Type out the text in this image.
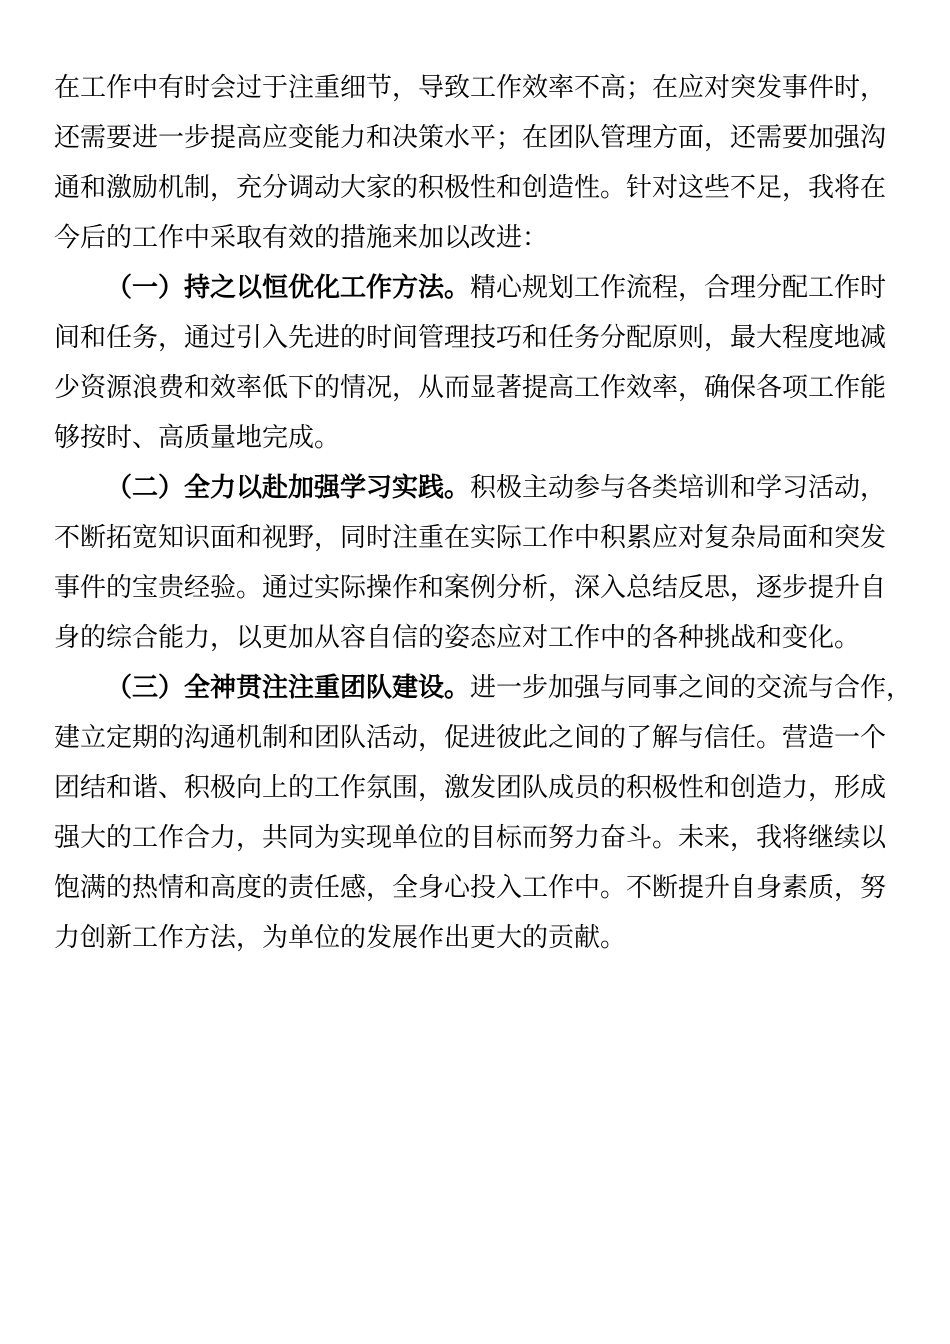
在工作中有时会过于注重细节，导致工作效率不高；在应对突发事件时，
还需要进一步提高应变能力和决策水平；在团队管理方面，还需要加强沟
通和激励机制，充分调动大家的积极性和创造性。针对这些不足，我将在
今后的工作中采取有效的措施来加以改进：
（一）持之以恒优化工作方法。精心规划工作流程，合理分配工作时
间和任务，通过引入先进的时间管理技巧和任务分配原则，最大程度地减
少资源浪费和效率低下的情况，从而显著提高工作效率，确保各项工作能
够按时、高质量地完成。
（二）全力以赴加强学习实践。积极主动参与各类培训和学习活动，
不断拓宽知识面和视野，同时注重在实际工作中积累应对复杂局面和突发
事件的宝贵经验。通过实际操作和案例分析，深入总结反思，逐步提升自
身的综合能力，以更加从容自信的姿态应对工作中的各种挑战和变化。
（三）全神贯注注重团队建设。进一步加强与同事之间的交流与合作，
建立定期的沟通机制和团队活动，促进彼此之间的了解与信任。营造一个
团结和谐、积极向上的工作氛围，激发团队成员的积极性和创造力，形成
强大的工作合力，共同为实现单位的目标而努力奋斗。未来，我将继续以
饱满的热情和高度的责任感，全身心投入工作中。不断提升自身素质，努
力创新工作方法，为单位的发展作出更大的贡献。
